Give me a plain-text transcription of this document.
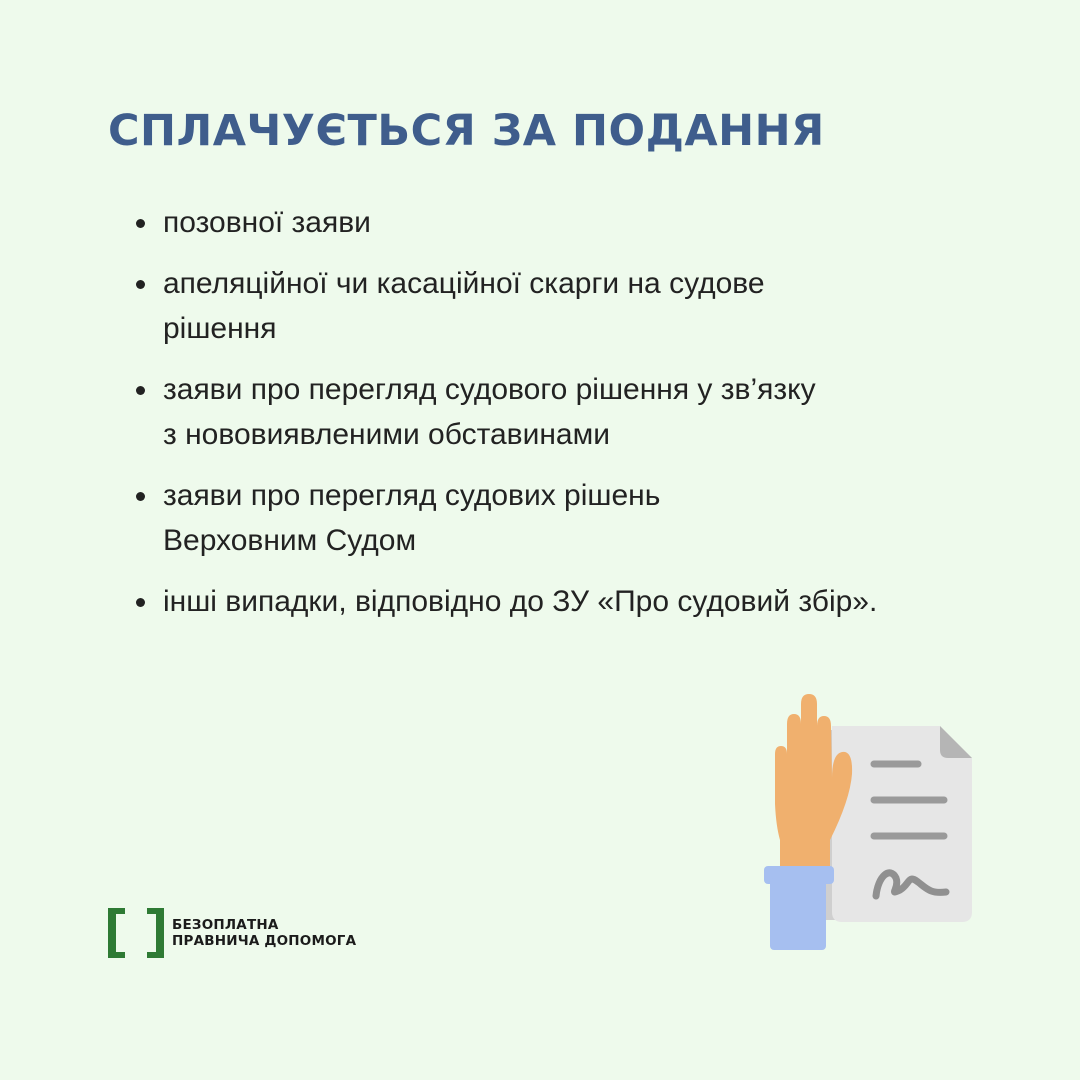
СПЛАЧУЄТЬСЯ ЗА ПОДАННЯ
позовної заяви
апеляційної чи касаційної скарги на судове
рішення
заяви про перегляд судового рішення у зв’язку
з нововиявленими обставинами
заяви про перегляд судових рішень
Верховним Судом
інші випадки, відповідно до ЗУ «Про судовий збір».
БЕЗОПЛАТНА
ПРАВНИЧА ДОПОМОГА
